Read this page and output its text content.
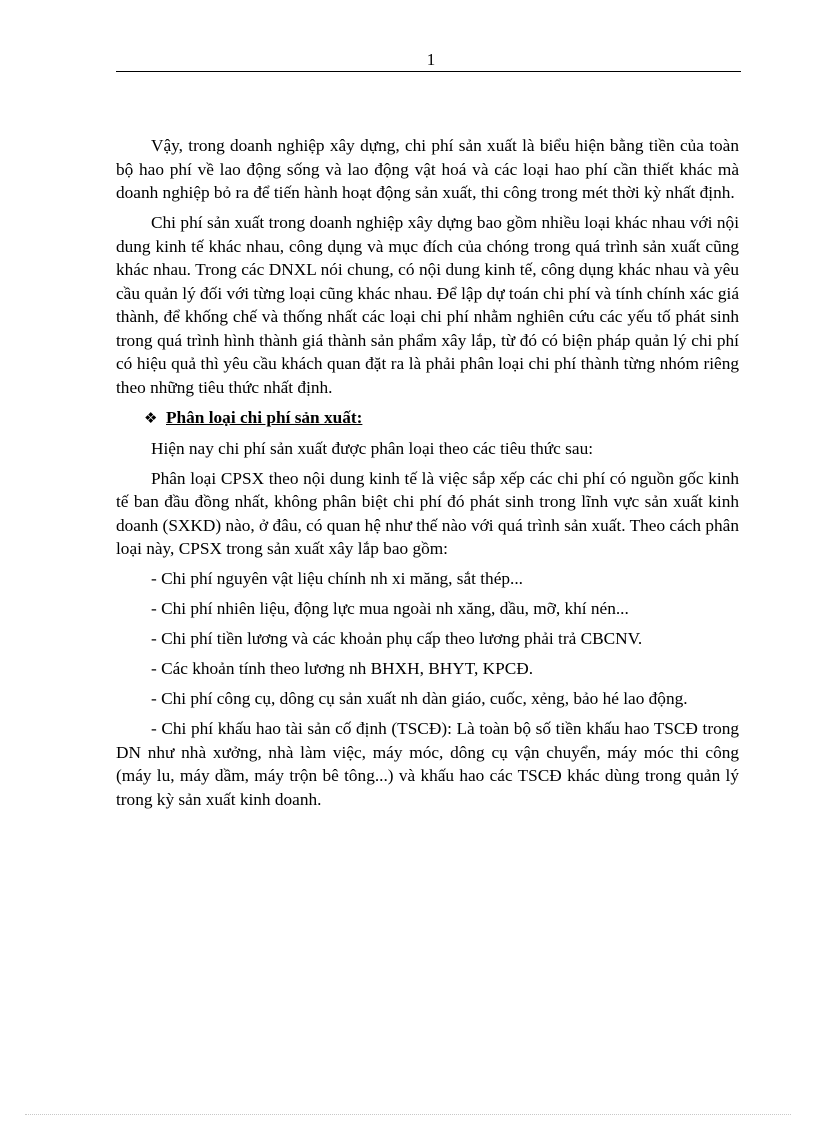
1

Vậy, trong doanh nghiệp xây dựng, chi phí sản xuất là biểu hiện bằng tiền của toàn bộ hao phí về lao động sống và lao động vật hoá và các loại hao phí cần thiết khác mà doanh nghiệp bỏ ra để tiến hành hoạt động sản xuất, thi công trong mét thời kỳ nhất định.

Chi phí sản xuất trong doanh nghiệp xây dựng bao gồm nhiều loại khác nhau với nội dung kinh tế khác nhau, công dụng và mục đích của chóng trong quá trình sản xuất cũng khác nhau. Trong các DNXL nói chung, có nội dung kinh tế, công dụng khác nhau và yêu cầu quản lý đối với từng loại cũng khác nhau. Để lập dự toán chi phí và tính chính xác giá thành, để khống chế và thống nhất các loại chi phí nhằm nghiên cứu các yếu tố phát sinh trong quá trình hình thành giá thành sản phẩm xây lắp, từ đó có biện pháp quản lý chi phí có hiệu quả thì yêu cầu khách quan đặt ra là phải phân loại chi phí thành từng nhóm riêng theo những tiêu thức nhất định.

❖ Phân loại chi phí sản xuất:

Hiện nay chi phí sản xuất được phân loại theo các tiêu thức sau:

Phân loại CPSX theo nội dung kinh tế là việc sắp xếp các chi phí có nguồn gốc kinh tế ban đầu đồng nhất, không phân biệt chi phí đó phát sinh trong lĩnh vực sản xuất kinh doanh (SXKD) nào, ở đâu, có quan hệ như thế nào với quá trình sản xuất. Theo cách phân loại này, CPSX trong sản xuất xây lắp bao gồm:

- Chi phí nguyên vật liệu chính nh xi măng, sắt thép...

- Chi phí nhiên liệu, động lực mua ngoài nh xăng, dầu, mỡ, khí nén...

- Chi phí tiền lương và các khoản phụ cấp theo lương phải trả CBCNV.

- Các khoản tính theo lương nh BHXH, BHYT, KPCĐ.

- Chi phí công cụ, dông cụ sản xuất nh dàn giáo, cuốc, xẻng, bảo hé lao động.

- Chi phí khấu hao tài sản cố định (TSCĐ): Là toàn bộ số tiền khấu hao TSCĐ trong DN như nhà xưởng, nhà làm việc, máy móc, dông cụ vận chuyển, máy móc thi công (máy lu, máy dầm, máy trộn bê tông...) và khấu hao các TSCĐ khác dùng trong quản lý trong kỳ sản xuất kinh doanh.
